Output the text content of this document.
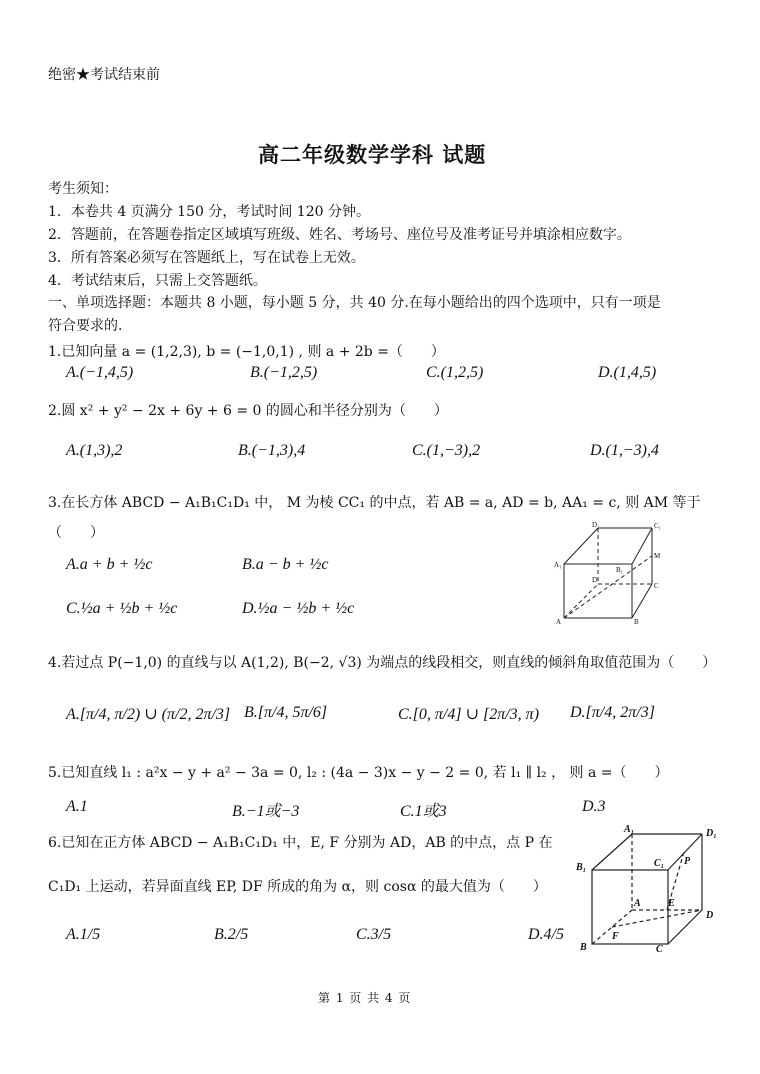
绝密★考试结束前
高二年级数学学科 试题
考生须知：
1．本卷共 4 页满分 150 分，考试时间 120 分钟。
2．答题前，在答题卷指定区域填写班级、姓名、考场号、座位号及准考证号并填涂相应数字。
3．所有答案必须写在答题纸上，写在试卷上无效。
4．考试结束后，只需上交答题纸。
一、单项选择题：本题共 8 小题，每小题 5 分，共 40 分.在每小题给出的四个选项中，只有一项是
符合要求的.
1.已知向量 a = (1,2,3), b = (−1,0,1) , 则 a + 2b =（　　）
A.(−1,4,5)	B.(−1,2,5)	C.(1,2,5)	D.(1,4,5)
2.圆 x² + y² − 2x + 6y + 6 = 0 的圆心和半径分别为（　　）
A.(1,3),2	B.(−1,3),4	C.(1,−3),2	D.(1,−3),4
3.在长方体 ABCD − A₁B₁C₁D₁ 中， M 为棱 CC₁ 的中点，若 AB = a, AD = b, AA₁ = c, 则 AM 等于
（　　）
A.a + b + ½c	B.a − b + ½c
C.½a + ½b + ½c	D.½a − ½b + ½c
D₁	C₁
A₁
B₁
M
D
C
A	B
4.若过点 P(−1,0) 的直线与以 A(1,2), B(−2, √3) 为端点的线段相交，则直线的倾斜角取值范围为（　　）
A.[π/4, π/2) ∪ (π/2, 2π/3] B.[π/4, 5π/6]	C.[0, π/4] ∪ [2π/3, π) D.[π/4, 2π/3]
5.已知直线 l₁ : a²x − y + a² − 3a = 0, l₂ : (4a − 3)x − y − 2 = 0, 若 l₁ ∥ l₂ ， 则 a =（　　）
A.1	B.−1或−3	C.1或3	D.3
6.已知在正方体 ABCD − A₁B₁C₁D₁ 中，E, F 分别为 AD，AB 的中点，点 P 在
C₁D₁ 上运动，若异面直线 EP, DF 所成的角为 α，则 cosα 的最大值为（　　）
A.1/5	B.2/5	C.3/5	D.4/5
A₁	D₁
B₁	C₁ P
A	E
D
F
B	C
第 1 页 共 4 页
